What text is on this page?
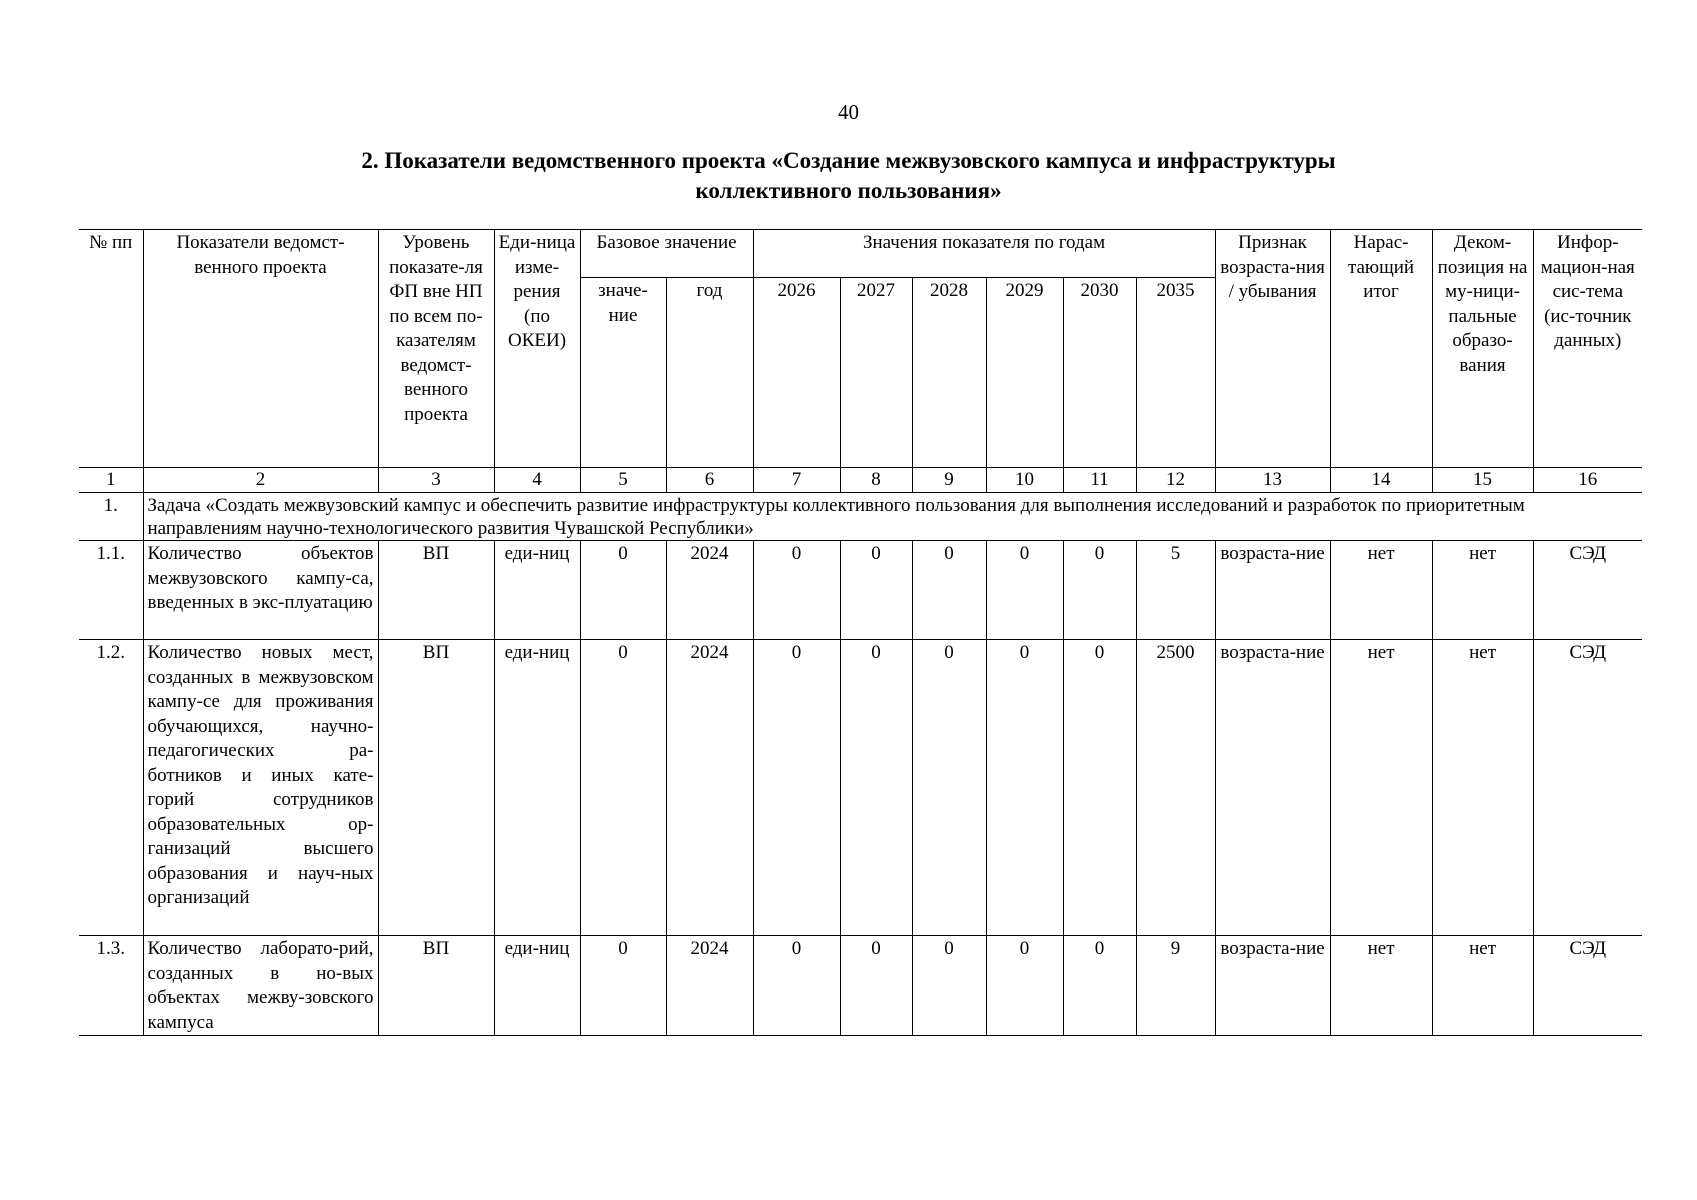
40
2. Показатели ведомственного проекта «Создание межвузовского кампуса и инфраструктуры
коллективного пользования»
№ пп	Показатели ведомст-венного проекта	Уровень показате-ля ФП вне НП по всем по-казателям ведомст-венного проекта	Еди-ница изме-рения (по ОКЕИ)	Базовое значение		Значения показателя по годам						Признак возраста-ния / убывания	Нарас-тающий итог	Деком-позиция на му-ници-пальные образо-вания	Инфор-мацион-ная сис-тема (ис-точник данных)
				значе-ние	год	2026	2027	2028	2029	2030	2035				
1	2	3	4	5	6	7	8	9	10	11	12	13	14	15	16
1.	Задача «Создать межвузовский кампус и обеспечить развитие инфраструктуры коллективного пользования для выполнения исследований и разработок по приоритетным направлениям научно-технологического развития Чувашской Республики»														
1.1.	Количество объектов межвузовского кампу-са, введенных в экс-плуатацию	ВП	еди-ниц	0	2024	0	0	0	0	0	5	возраста-ние	нет	нет	СЭД
1.2.	Количество новых мест, созданных в межвузовском кампу-се для проживания обучающихся, научно-педагогических ра-ботников и иных кате-горий сотрудников образовательных ор-ганизаций высшего образования и науч-ных организаций	ВП	еди-ниц	0	2024	0	0	0	0	0	2500	возраста-ние	нет	нет	СЭД
1.3.	Количество лаборато-рий, созданных в но-вых объектах межву-зовского кампуса	ВП	еди-ниц	0	2024	0	0	0	0	0	9	возраста-ние	нет	нет	СЭД
